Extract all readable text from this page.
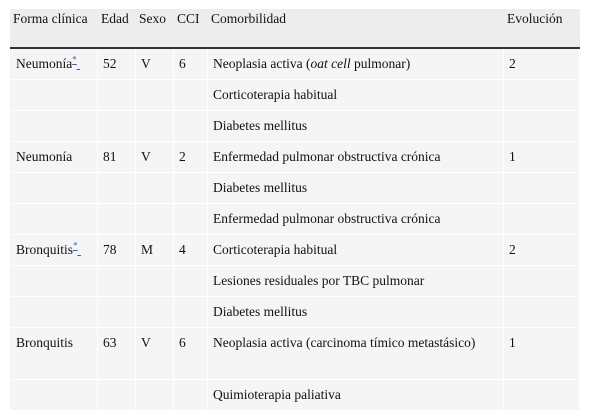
Forma clínica	Edad	Sexo	CCI	Comorbilidad	Evolución
Neumonía*	52	V	6	Neoplasia activa (oat cell pulmonar)	2
				Corticoterapia habitual	
				Diabetes mellitus	
Neumonía	81	V	2	Enfermedad pulmonar obstructiva crónica	1
				Diabetes mellitus	
				Enfermedad pulmonar obstructiva crónica	
Bronquitis*	78	M	4	Corticoterapia habitual	2
				Lesiones residuales por TBC pulmonar	
				Diabetes mellitus	
Bronquitis	63	V	6	Neoplasia activa (carcinoma tímico metastásico)	1
				Quimioterapia paliativa	
